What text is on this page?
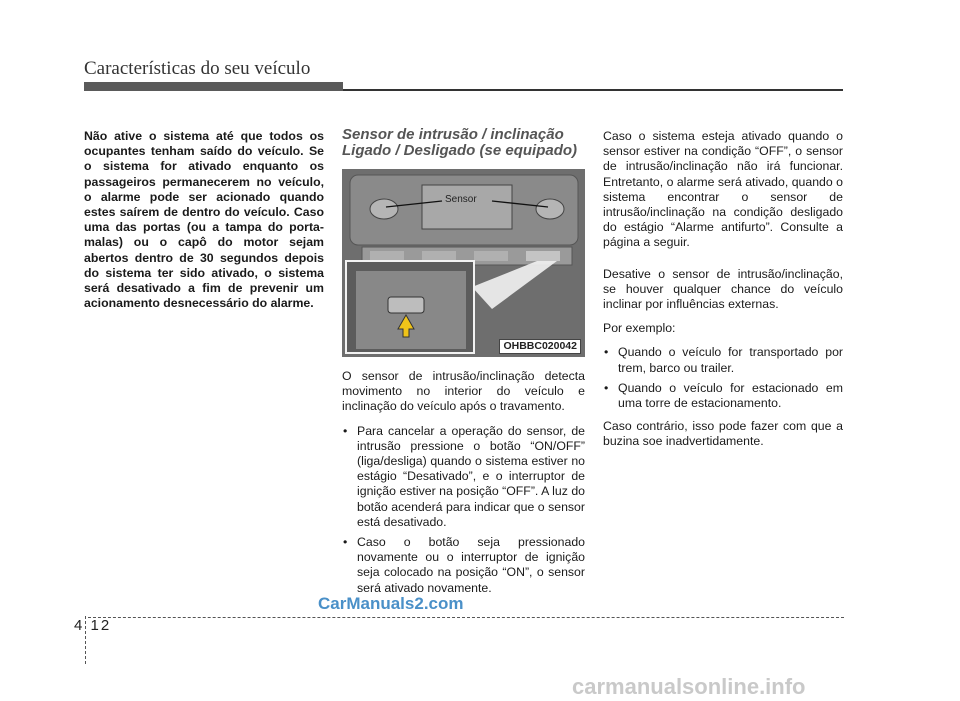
Características do seu veículo

Não ative o sistema até que todos os ocupantes tenham saído do veículo. Se o sistema for ativado enquanto os passageiros permanecerem no veículo, o alarme pode ser acionado quando estes saírem de dentro do veículo. Caso uma das portas (ou a tampa do porta-malas) ou o capô do motor sejam abertos dentro de 30 segundos depois do sistema ter sido ativado, o sistema será desativado a fim de prevenir um acionamento desnecessário do alarme.

Sensor de intrusão / inclinação
Ligado / Desligado (se equipado)
Sensor
OHBBC020042

O sensor de intrusão/inclinação detecta movimento no interior do veículo e inclinação do veículo após o travamento.

• Para cancelar a operação do sensor, de intrusão pressione o botão “ON/OFF” (liga/desliga) quando o sistema estiver no estágio “Desativado”, e o interruptor de ignição estiver na posição “OFF”. A luz do botão acenderá para indicar que o sensor está desativado.
• Caso o botão seja pressionado novamente ou o interruptor de ignição seja colocado na posição “ON”, o sensor será ativado novamente.

Caso o sistema esteja ativado quando o sensor estiver na condição “OFF”, o sensor de intrusão/inclinação não irá funcionar. Entretanto, o alarme será ativado, quando o sistema encontrar o sensor de intrusão/inclinação na condição desligado do estágio “Alarme antifurto”. Consulte a página a seguir.

Desative o sensor de intrusão/inclinação, se houver qualquer chance do veículo inclinar por influências externas.

Por exemplo:

• Quando o veículo for transportado por trem, barco ou trailer.
• Quando o veículo for estacionado em uma torre de estacionamento.

Caso contrário, isso pode fazer com que a buzina soe inadvertidamente.

4 12
CarManuals2.com
carmanualsonline.info
